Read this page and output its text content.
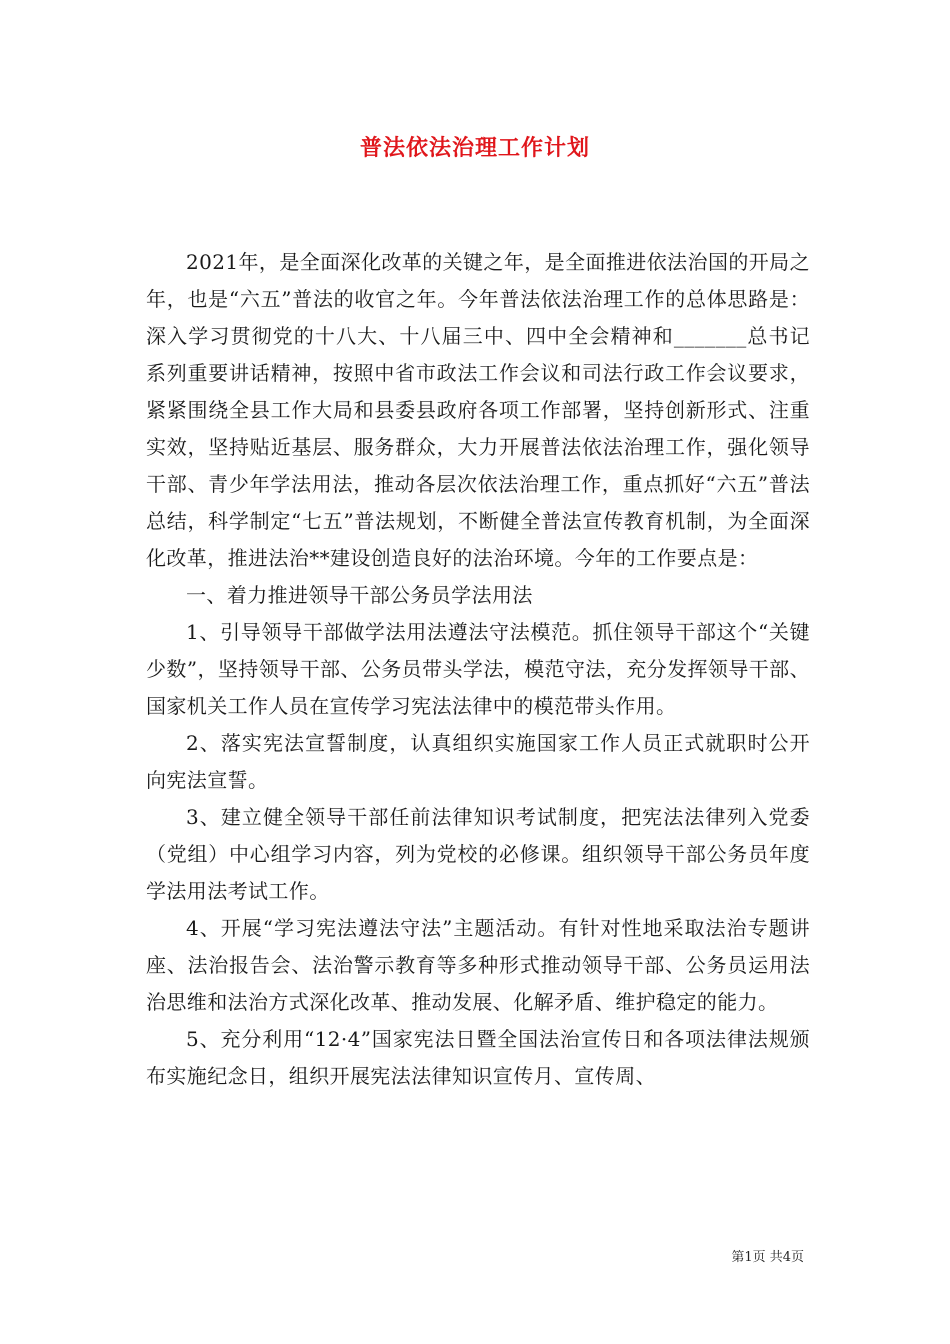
普法依法治理工作计划

2021年，是全面深化改革的关键之年，是全面推进依法治国的开局之年，也是“六五”普法的收官之年。今年普法依法治理工作的总体思路是：深入学习贯彻党的十八大、十八届三中、四中全会精神和_______总书记系列重要讲话精神，按照中省市政法工作会议和司法行政工作会议要求，紧紧围绕全县工作大局和县委县政府各项工作部署，坚持创新形式、注重实效，坚持贴近基层、服务群众，大力开展普法依法治理工作，强化领导干部、青少年学法用法，推动各层次依法治理工作，重点抓好“六五”普法总结，科学制定“七五”普法规划，不断健全普法宣传教育机制，为全面深化改革，推进法治**建设创造良好的法治环境。今年的工作要点是：

一、着力推进领导干部公务员学法用法

1、引导领导干部做学法用法遵法守法模范。抓住领导干部这个“关键少数”，坚持领导干部、公务员带头学法，模范守法，充分发挥领导干部、国家机关工作人员在宣传学习宪法法律中的模范带头作用。

2、落实宪法宣誓制度，认真组织实施国家工作人员正式就职时公开向宪法宣誓。

3、建立健全领导干部任前法律知识考试制度，把宪法法律列入党委（党组）中心组学习内容，列为党校的必修课。组织领导干部公务员年度学法用法考试工作。

4、开展“学习宪法遵法守法”主题活动。有针对性地采取法治专题讲座、法治报告会、法治警示教育等多种形式推动领导干部、公务员运用法治思维和法治方式深化改革、推动发展、化解矛盾、维护稳定的能力。

5、充分利用“12·4”国家宪法日暨全国法治宣传日和各项法律法规颁布实施纪念日，组织开展宪法法律知识宣传月、宣传周、

第1页 共4页
